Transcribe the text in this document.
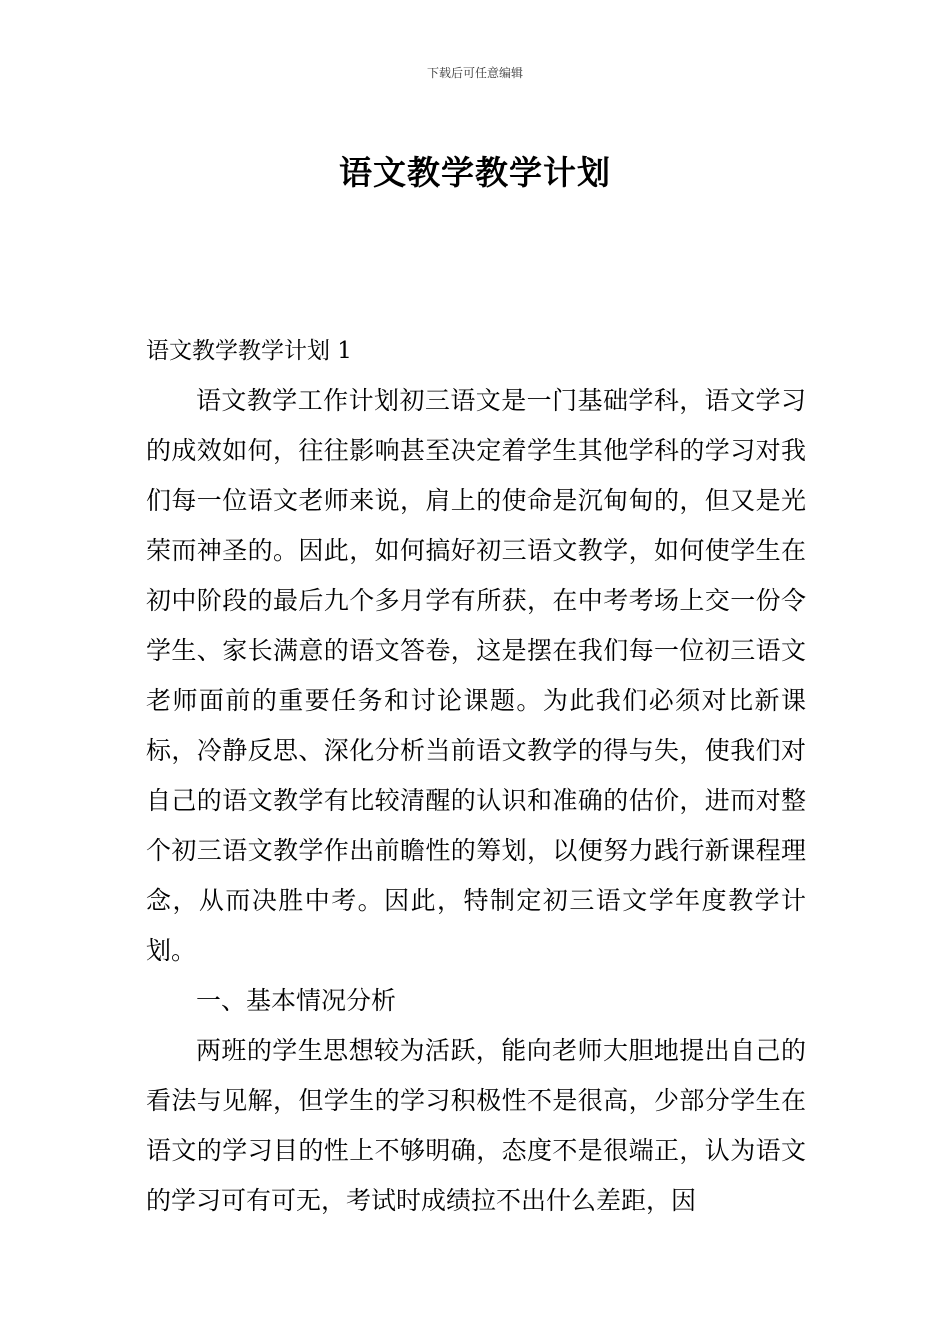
下载后可任意编辑
语文教学教学计划
语文教学教学计划 1

语文教学工作计划初三语文是一门基础学科，语文学习的成效如何，往往影响甚至决定着学生其他学科的学习对我们每一位语文老师来说，肩上的使命是沉甸甸的，但又是光荣而神圣的。因此，如何搞好初三语文教学，如何使学生在初中阶段的最后九个多月学有所获，在中考考场上交一份令学生、家长满意的语文答卷，这是摆在我们每一位初三语文老师面前的重要任务和讨论课题。为此我们必须对比新课标，冷静反思、深化分析当前语文教学的得与失，使我们对自己的语文教学有比较清醒的认识和准确的估价，进而对整个初三语文教学作出前瞻性的筹划，以便努力践行新课程理念，从而决胜中考。因此，特制定初三语文学年度教学计划。

一、基本情况分析

两班的学生思想较为活跃，能向老师大胆地提出自己的看法与见解，但学生的学习积极性不是很高，少部分学生在语文的学习目的性上不够明确，态度不是很端正，认为语文的学习可有可无，考试时成绩拉不出什么差距，因
